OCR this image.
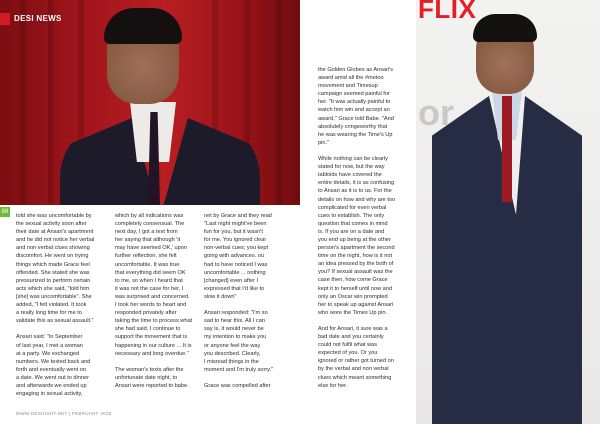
DESI NEWS
88
FLIX
or

told she was uncomfortable by
the sexual activity soon after
their date at Ansari's apartment
and he did not notice her verbal
and non verbal clues showing
discomfort. He went on trying
things which made Grace feel
offended. She stated she was
pressurized to perform certain
acts which she said, "told him
[she] was uncomfortable". She
added, "I felt violated. It took
a really long time for me to
validate this as sexual assault."

Ansari said: "In September
of last year, I met a woman
at a party. We exchanged
numbers. We texted back and
forth and eventually went on
a date. We went out to dinner
and afterwards we ended up
engaging in sexual activity,

which by all indications was
completely consensual. The
next day, I got a text from
her saying that although 'it
may have seemed OK,' upon
further reflection, she felt
uncomfortable. It was true
that everything did seem OK
to me, so when I heard that
it was not the case for her, I
was surprised and concerned.
I took her words to heart and
responded privately after
taking the time to process what
she had said. I continue to
support the movement that is
happening in our culture ... It is
necessary and long overdue."

The woman's texts after the
unfortunate date night, to
Ansari were reported to babe.

net by Grace and they read
"Last night might've been
fun for you, but it wasn't
for me. You ignored clear
non-verbal cues; you kept
going with advances. ou
had to have noticed I was
uncomfortable ... nothing
[changed] even after I
expressed that I'd like to
slow it down"

Ansari responded: "I'm so
sad to hear this. All I can
say is, it would never be
my intention to make you
or anyone feel the way
you described. Clearly,
I misread things in the
moment and I'm truly sorry."

Grace was compelled after

the Golden Globes as Ansari's
award amid all the #metoo
movement and Timesup
campaign seemed painful for
her. "It was actually painful to
watch him win and accept an
award," Grace told Babe. "And
absolutely cringeworthy that
he was wearing the Time's Up
pin."

While nothing can be clearly
stated for now, but the way
tabloids have covered the
entire details, it is as confusing
to Ansari as it is to us. For the
details on how and why are too
complicated for even verbal
cues to establish. The only
question that comes in mind
is. If you are on a date and
you end up being at the other
person's apartment the second
time on the night, how is it not
an idea pressed by the both of
you? If sexual assault was the
case then, how come Grace
kept it to herself until now and
only an Oscar win prompted
her to speak up against Ansari
who wore the Times Up pin.

And for Ansari, it sure was a
bad date and you certainly
could not fulfil what was
expected of you. Or you
ignored or rather got turned on
by the verbal and non verbal
clues which meant something
else for her.

WWW.DESHIGHT.NET | FEBRUARY 2018
